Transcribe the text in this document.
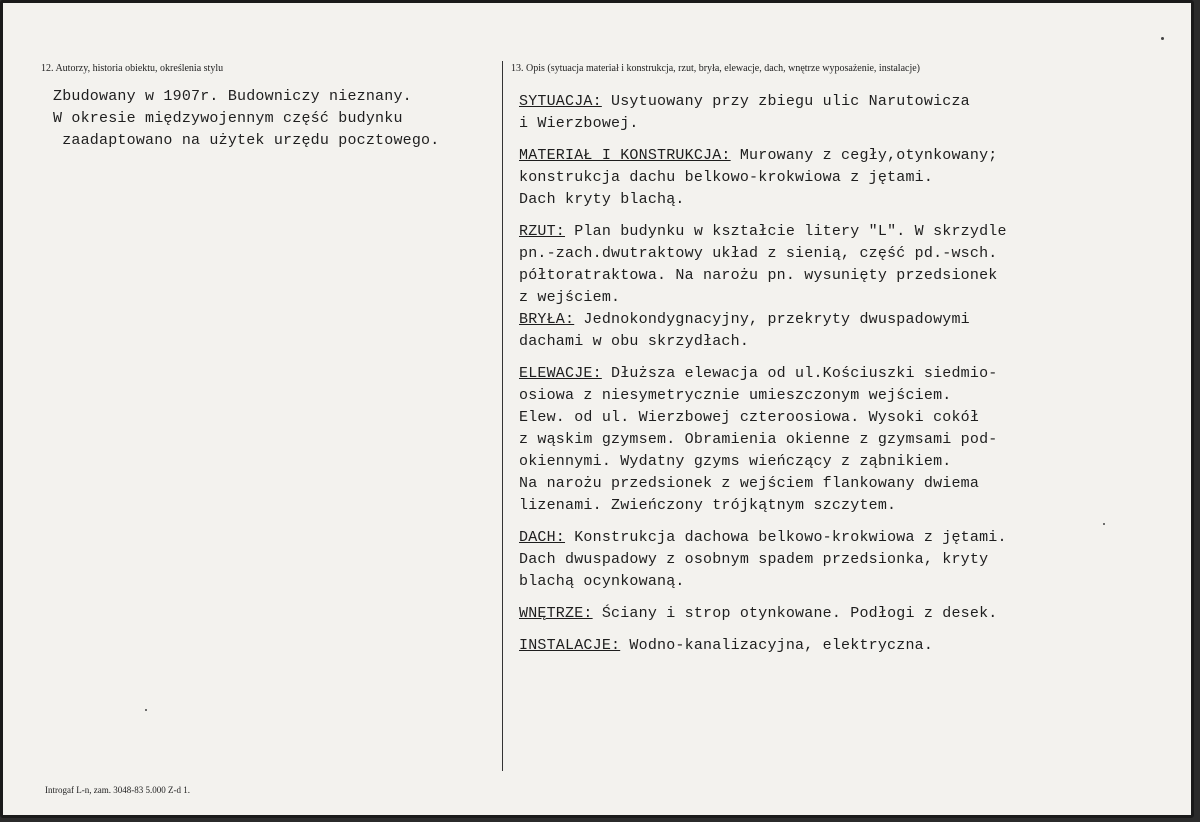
12. Autorzy, historia obiektu, określenia stylu
Zbudowany w 1907r. Budowniczy nieznany.
W okresie międzywojennym część budynku
zaadaptowano na użytek urzędu pocztowego.
13. Opis (sytuacja materiał i konstrukcja, rzut, bryła, elewacje, dach, wnętrze wyposażenie, instalacje)
SYTUACJA: Usytuowany przy zbiegu ulic Narutowicza
i Wierzbowej.
MATERIAŁ I KONSTRUKCJA: Murowany z cegły,otynkowany;
konstrukcja dachu belkowo-krokwiowa z jętami.
Dach kryty blachą.
RZUT: Plan budynku w kształcie litery "L". W skrzydle
pn.-zach.dwutraktowy układ z sienią, część pd.-wsch.
półtoratraktowa. Na narożu pn. wysunięty przedsionek
z wejściem.
BRYŁA: Jednokondygnacyjny, przekryty dwuspadowymi
dachami w obu skrzydłach.
ELEWACJE: Dłuższa elewacja od ul.Kościuszki siedmio-
osiowa z niesymetrycznie umieszczonym wejściem.
Elew. od ul. Wierzbowej czteroosiowa. Wysoki cokół
z wąskim gzymsem. Obramienia okienne z gzymsami pod-
okiennymi. Wydatny gzyms wieńczący z ząbnikiem.
Na narożu przedsionek z wejściem flankowany dwiema
lizenami. Zwieńczony trójkątnym szczytem.
DACH: Konstrukcja dachowa belkowo-krokwiowa z jętami.
Dach dwuspadowy z osobnym spadem przedsionka, kryty
blachą ocynkowaną.
WNĘTRZE: Ściany i strop otynkowane. Podłogi z desek.
INSTALACJE: Wodno-kanalizacyjna, elektryczna.
Introgaf L-n, zam. 3048-83 5.000 Z-d 1.
